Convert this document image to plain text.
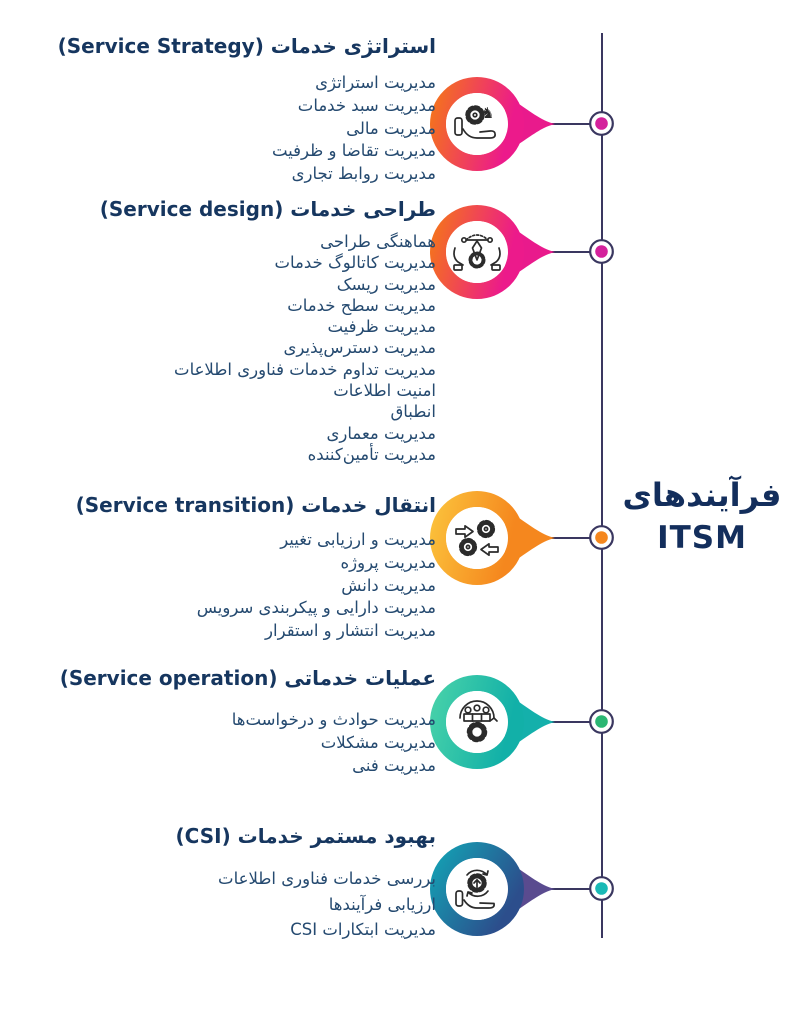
♞
استراتژی خدمات (Service Strategy)
مدیریت استراتژی
مدیریت سبد خدمات
مدیریت مالی
مدیریت تقاضا و ظرفیت
مدیریت روابط تجاری
طراحی خدمات (Service design)
هماهنگی طراحی
مدیریت کاتالوگ خدمات
مدیریت ریسک
مدیریت سطح خدمات
مدیریت ظرفیت
مدیریت دسترس‌پذیری
مدیریت تداوم خدمات فناوری اطلاعات
امنیت اطلاعات
انطباق
مدیریت معماری
مدیریت تأمین‌کننده
انتقال خدمات (Service transition)
مدیریت و ارزیابی تغییر
مدیریت پروژه
مدیریت دانش
مدیریت دارایی و پیکربندی سرویس
مدیریت انتشار و استقرار
عملیات خدماتی (Service operation)
مدیریت حوادث و درخواست‌ها
مدیریت مشکلات
مدیریت فنی
بهبود مستمر خدمات (CSI)
بررسی خدمات فناوری اطلاعات
ارزیابی فرآیندها
مدیریت ابتکارات CSI
فرآیندهای
ITSM
